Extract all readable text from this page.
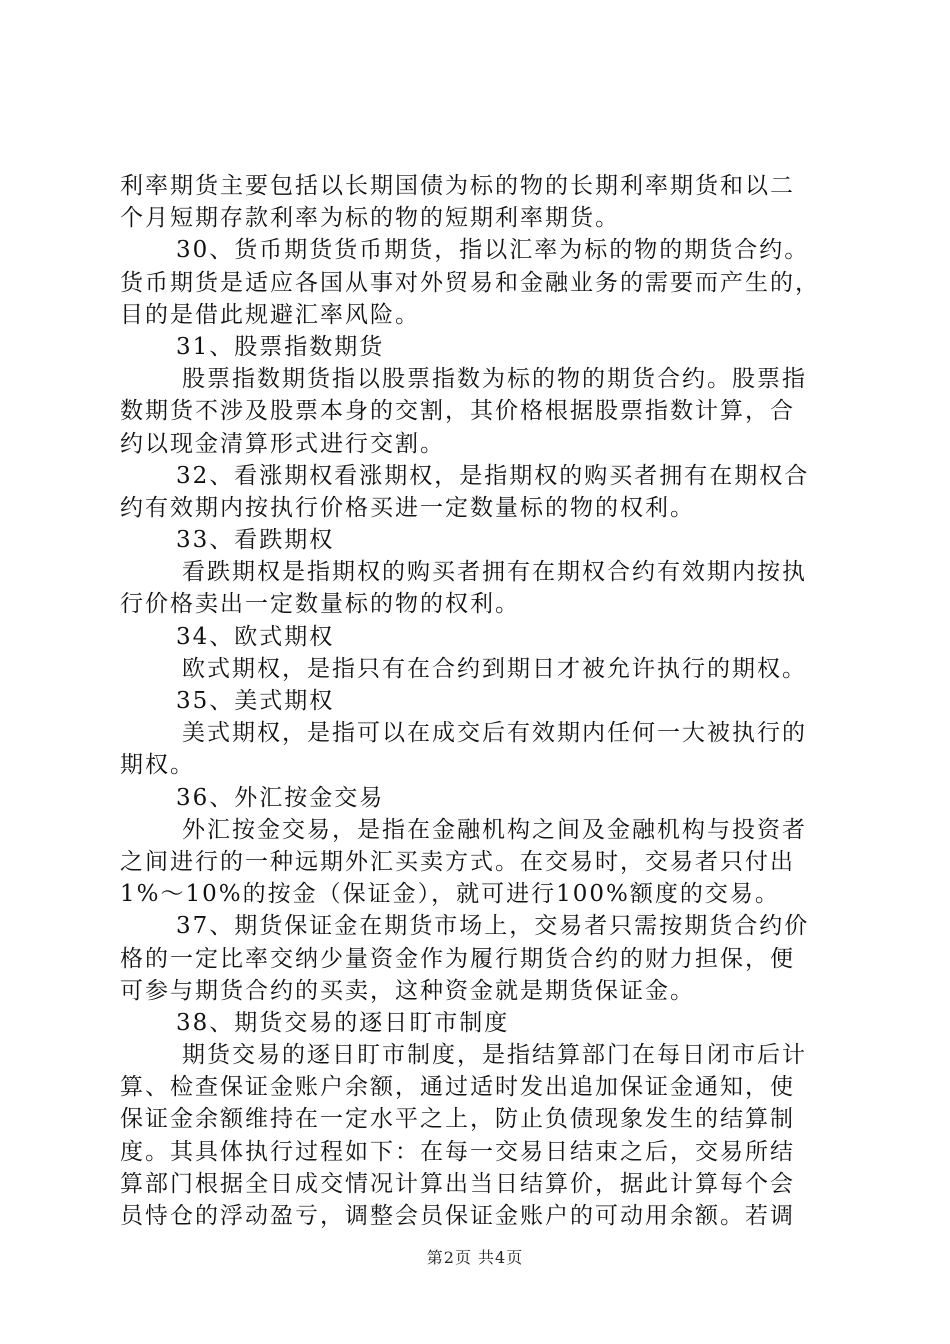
利率期货主要包括以长期国债为标的物的长期利率期货和以二
个月短期存款利率为标的物的短期利率期货。
30、货币期货货币期货，指以汇率为标的物的期货合约。
货币期货是适应各国从事对外贸易和金融业务的需要而产生的，
目的是借此规避汇率风险。
31、股票指数期货
股票指数期货指以股票指数为标的物的期货合约。股票指
数期货不涉及股票本身的交割，其价格根据股票指数计算，合
约以现金清算形式进行交割。
32、看涨期权看涨期权，是指期权的购买者拥有在期权合
约有效期内按执行价格买进一定数量标的物的权利。
33、看跌期权
看跌期权是指期权的购买者拥有在期权合约有效期内按执
行价格卖出一定数量标的物的权利。
34、欧式期权
欧式期权，是指只有在合约到期日才被允许执行的期权。
35、美式期权
美式期权，是指可以在成交后有效期内任何一大被执行的
期权。
36、外汇按金交易
外汇按金交易，是指在金融机构之间及金融机构与投资者
之间进行的一种远期外汇买卖方式。在交易时，交易者只付出
1%～10%的按金（保证金），就可进行100%额度的交易。
37、期货保证金在期货市场上，交易者只需按期货合约价
格的一定比率交纳少量资金作为履行期货合约的财力担保，便
可参与期货合约的买卖，这种资金就是期货保证金。
38、期货交易的逐日盯市制度
期货交易的逐日盯市制度，是指结算部门在每日闭市后计
算、检查保证金账户余额，通过适时发出追加保证金通知，使
保证金余额维持在一定水平之上，防止负债现象发生的结算制
度。其具体执行过程如下：在每一交易日结束之后，交易所结
算部门根据全日成交情况计算出当日结算价，据此计算每个会
员恃仓的浮动盈亏，调整会员保证金账户的可动用余额。若调
第2页 共4页
